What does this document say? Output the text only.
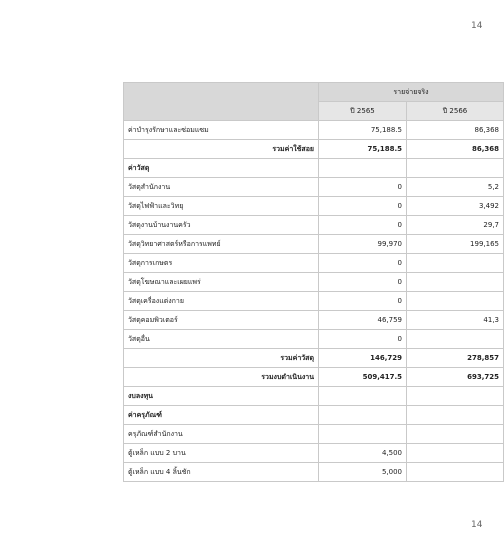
14
	รายจ่ายจริง	
	ปี 2565	ปี 2566
ค่าบำรุงรักษาและซ่อมแซม	75,188.5	86,368
รวมค่าใช้สอย	75,188.5	86,368
ค่าวัสดุ		
วัสดุสำนักงาน	0	5,2
วัสดุไฟฟ้าและวิทยุ	0	3,492
วัสดุงานบ้านงานครัว	0	29,7
วัสดุวิทยาศาสตร์หรือการแพทย์	99,970	199,165
วัสดุการเกษตร	0	
วัสดุโฆษณาและเผยแพร่	0	
วัสดุเครื่องแต่งกาย	0	
วัสดุคอมพิวเตอร์	46,759	41,3
วัสดุอื่น	0	
รวมค่าวัสดุ	146,729	278,857
รวมงบดำเนินงาน	509,417.5	693,725
งบลงทุน		
ค่าครุภัณฑ์		
ครุภัณฑ์สำนักงาน		
ตู้เหล็ก แบบ 2 บาน	4,500	
ตู้เหล็ก แบบ 4 ลิ้นชัก	5,000	
14
